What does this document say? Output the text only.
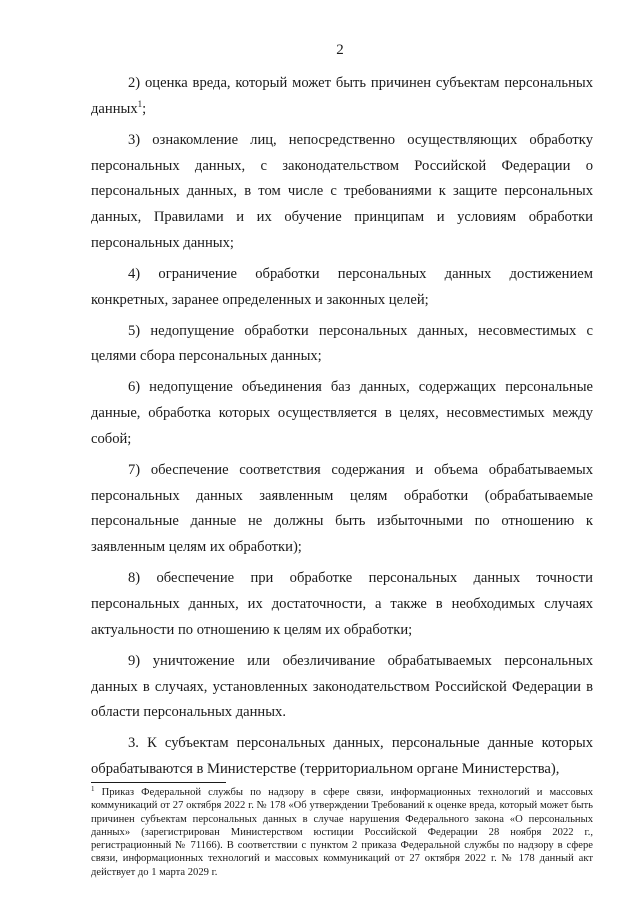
2

2) оценка вреда, который может быть причинен субъектам персональных данных$^1$;

3) ознакомление лиц, непосредственно осуществляющих обработку персональных данных, с законодательством Российской Федерации о персональных данных, в том числе с требованиями к защите персональных данных, Правилами и их обучение принципам и условиям обработки персональных данных;

4) ограничение обработки персональных данных достижением конкретных, заранее определенных и законных целей;

5) недопущение обработки персональных данных, несовместимых с целями сбора персональных данных;

6) недопущение объединения баз данных, содержащих персональные данные, обработка которых осуществляется в целях, несовместимых между собой;

7) обеспечение соответствия содержания и объема обрабатываемых персональных данных заявленным целям обработки (обрабатываемые персональные данные не должны быть избыточными по отношению к заявленным целям их обработки);

8) обеспечение при обработке персональных данных точности персональных данных, их достаточности, а также в необходимых случаях актуальности по отношению к целям их обработки;

9) уничтожение или обезличивание обрабатываемых персональных данных в случаях, установленных законодательством Российской Федерации в области персональных данных.

3. К субъектам персональных данных, персональные данные которых обрабатываются в Министерстве (территориальном органе Министерства),

$^1$ Приказ Федеральной службы по надзору в сфере связи, информационных технологий и массовых коммуникаций от 27 октября 2022 г. № 178 «Об утверждении Требований к оценке вреда, который может быть причинен субъектам персональных данных в случае нарушения Федерального закона «О персональных данных» (зарегистрирован Министерством юстиции Российской Федерации 28 ноября 2022 г., регистрационный № 71166). В соответствии с пунктом 2 приказа Федеральной службы по надзору в сфере связи, информационных технологий и массовых коммуникаций от 27 октября 2022 г. № 178 данный акт действует до 1 марта 2029 г.
